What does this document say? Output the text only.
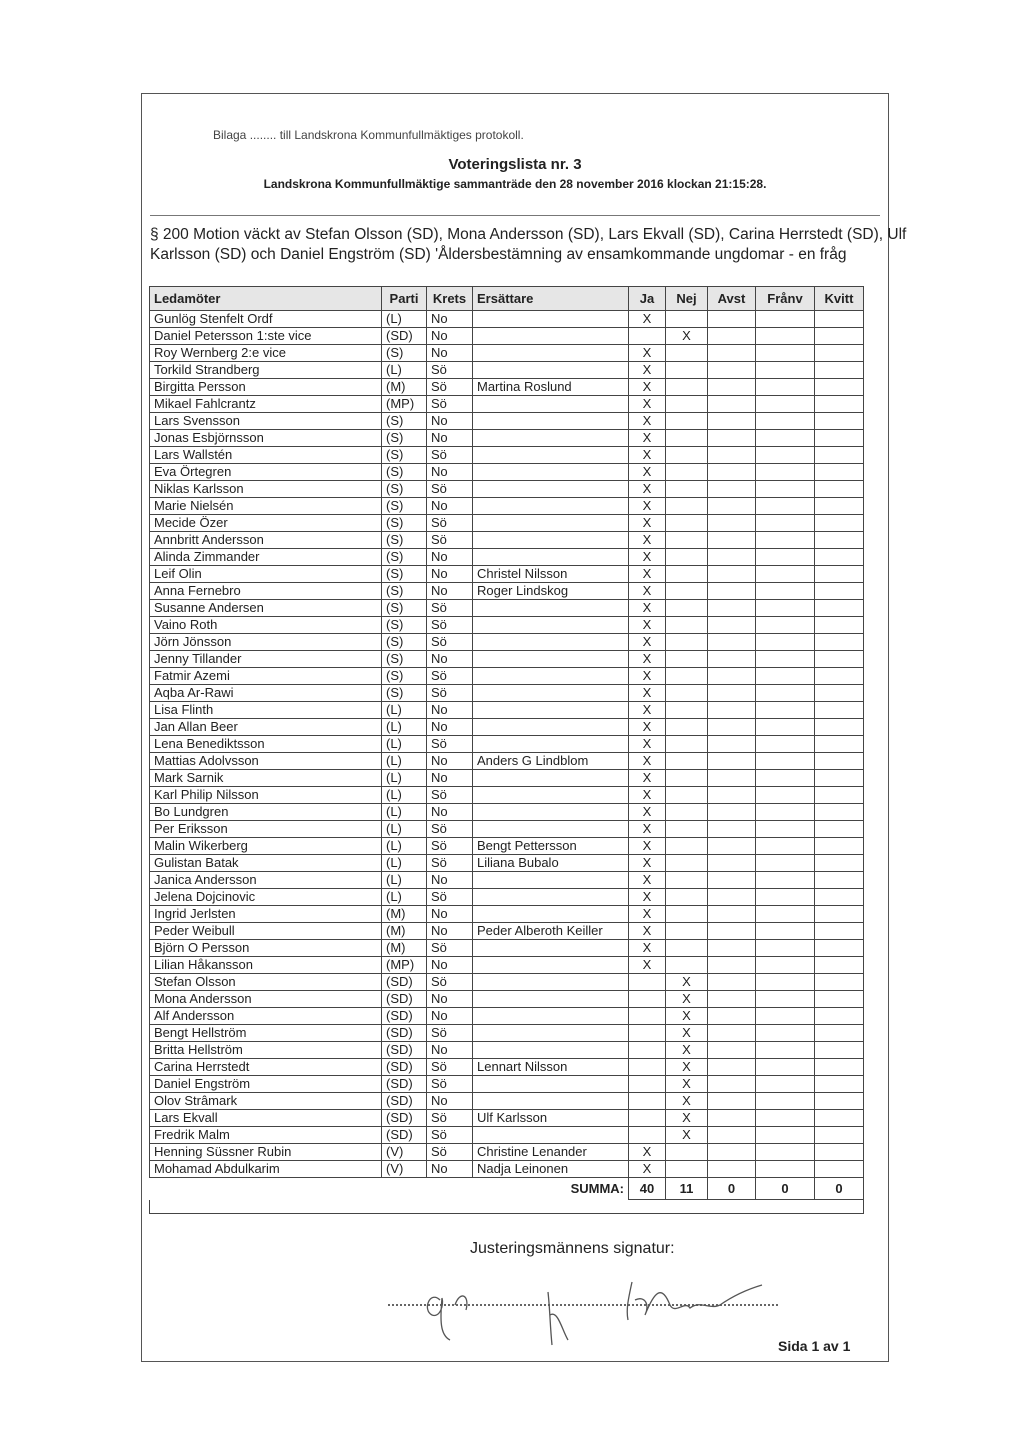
Bilaga ........ till Landskrona Kommunfullmäktiges protokoll.
Voteringslista nr. 3
Landskrona Kommunfullmäktige sammanträde den 28 november 2016 klockan 21:15:28.
§ 200 Motion väckt av Stefan Olsson (SD), Mona Andersson (SD), Lars Ekvall (SD), Carina Herrstedt (SD), Ulf
Karlsson (SD) och Daniel Engström (SD) 'Åldersbestämning av ensamkommande ungdomar - en fråg
Ledamöter	Parti	Krets	Ersättare	Ja	Nej	Avst	Frånv	Kvitt
Gunlög Stenfelt Ordf	(L)	No		X				
Daniel Petersson 1:ste vice	(SD)	No			X			
Roy Wernberg 2:e vice	(S)	No		X				
Torkild Strandberg	(L)	Sö		X				
Birgitta Persson	(M)	Sö	Martina Roslund	X				
Mikael Fahlcrantz	(MP)	Sö		X				
Lars Svensson	(S)	No		X				
Jonas Esbjörnsson	(S)	No		X				
Lars Wallstén	(S)	Sö		X				
Eva Örtegren	(S)	No		X				
Niklas Karlsson	(S)	Sö		X				
Marie Nielsén	(S)	No		X				
Mecide Özer	(S)	Sö		X				
Annbritt Andersson	(S)	Sö		X				
Alinda Zimmander	(S)	No		X				
Leif Olin	(S)	No	Christel Nilsson	X				
Anna Fernebro	(S)	No	Roger Lindskog	X				
Susanne Andersen	(S)	Sö		X				
Vaino Roth	(S)	Sö		X				
Jörn Jönsson	(S)	Sö		X				
Jenny Tillander	(S)	No		X				
Fatmir Azemi	(S)	Sö		X				
Aqba Ar-Rawi	(S)	Sö		X				
Lisa Flinth	(L)	No		X				
Jan Allan Beer	(L)	No		X				
Lena Benediktsson	(L)	Sö		X				
Mattias Adolvsson	(L)	No	Anders G Lindblom	X				
Mark Sarnik	(L)	No		X				
Karl Philip Nilsson	(L)	Sö		X				
Bo Lundgren	(L)	No		X				
Per Eriksson	(L)	Sö		X				
Malin Wikerberg	(L)	Sö	Bengt Pettersson	X				
Gulistan Batak	(L)	Sö	Liliana Bubalo	X				
Janica Andersson	(L)	No		X				
Jelena Dojcinovic	(L)	Sö		X				
Ingrid Jerlsten	(M)	No		X				
Peder Weibull	(M)	No	Peder Alberoth Keiller	X				
Björn O Persson	(M)	Sö		X				
Lilian Håkansson	(MP)	No		X				
Stefan Olsson	(SD)	Sö			X			
Mona Andersson	(SD)	No			X			
Alf Andersson	(SD)	No			X			
Bengt Hellström	(SD)	Sö			X			
Britta Hellström	(SD)	No			X			
Carina Herrstedt	(SD)	Sö	Lennart Nilsson		X			
Daniel Engström	(SD)	Sö			X			
Olov Strâmark	(SD)	No			X			
Lars Ekvall	(SD)	Sö	Ulf Karlsson		X			
Fredrik Malm	(SD)	Sö			X			
Henning Süssner Rubin	(V)	Sö	Christine Lenander	X				
Mohamad Abdulkarim	(V)	No	Nadja Leinonen	X				
SUMMA:				40	11	0	0	0

Justeringsmännens signatur:
Sida 1 av 1
